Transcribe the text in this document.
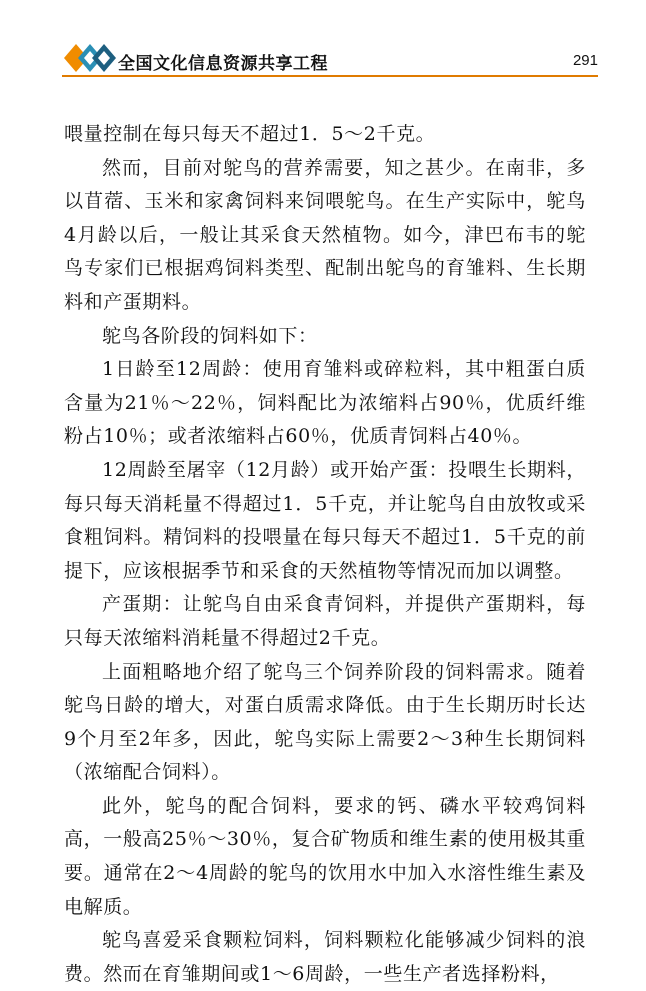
全国文化信息资源共享工程	291

喂量控制在每只每天不超过1．5～2千克。

然而，目前对鸵鸟的营养需要，知之甚少。在南非，多以苜蓿、玉米和家禽饲料来饲喂鸵鸟。在生产实际中，鸵鸟4月龄以后，一般让其采食天然植物。如今，津巴布韦的鸵鸟专家们已根据鸡饲料类型、配制出鸵鸟的育雏料、生长期料和产蛋期料。

鸵鸟各阶段的饲料如下：

1日龄至12周龄：使用育雏料或碎粒料，其中粗蛋白质含量为21％～22％，饲料配比为浓缩料占90％，优质纤维粉占10％；或者浓缩料占60％，优质青饲料占40％。

12周龄至屠宰（12月龄）或开始产蛋：投喂生长期料，每只每天消耗量不得超过1．5千克，并让鸵鸟自由放牧或采食粗饲料。精饲料的投喂量在每只每天不超过1．5千克的前提下，应该根据季节和采食的天然植物等情况而加以调整。

产蛋期：让鸵鸟自由采食青饲料，并提供产蛋期料，每只每天浓缩料消耗量不得超过2千克。

上面粗略地介绍了鸵鸟三个饲养阶段的饲料需求。随着鸵鸟日龄的增大，对蛋白质需求降低。由于生长期历时长达9个月至2年多，因此，鸵鸟实际上需要2～3种生长期饲料（浓缩配合饲料）。

此外，鸵鸟的配合饲料，要求的钙、磷水平较鸡饲料高，一般高25％～30％，复合矿物质和维生素的使用极其重要。通常在2～4周龄的鸵鸟的饮用水中加入水溶性维生素及电解质。

鸵鸟喜爱采食颗粒饲料，饲料颗粒化能够减少饲料的浪费。然而在育雏期间或1～6周龄，一些生产者选择粉料，
